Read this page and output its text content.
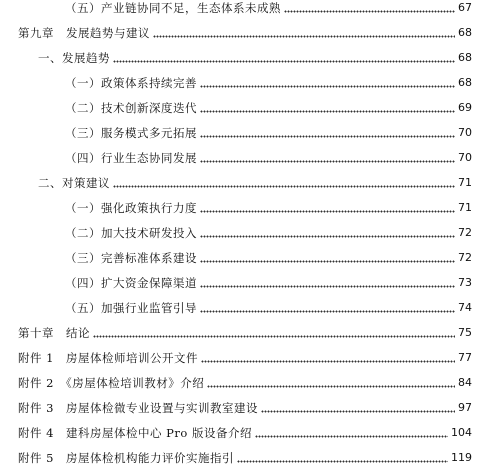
（五）产业链协同不足，生态体系未成熟	67
第九章　发展趋势与建议	68
一、发展趋势	68
（一）政策体系持续完善	68
（二）技术创新深度迭代	69
（三）服务模式多元拓展	70
（四）行业生态协同发展	70
二、对策建议	71
（一）强化政策执行力度	71
（二）加大技术研发投入	72
（三）完善标准体系建设	72
（四）扩大资金保障渠道	73
（五）加强行业监管引导	74
第十章　结论	75
附件 1　房屋体检师培训公开文件	77
附件 2　《房屋体检培训教材》介绍	84
附件 3　房屋体检微专业设置与实训教室建设	97
附件 4　建科房屋体检中心 Pro 版设备介绍	104
附件 5　房屋体检机构能力评价实施指引	119
